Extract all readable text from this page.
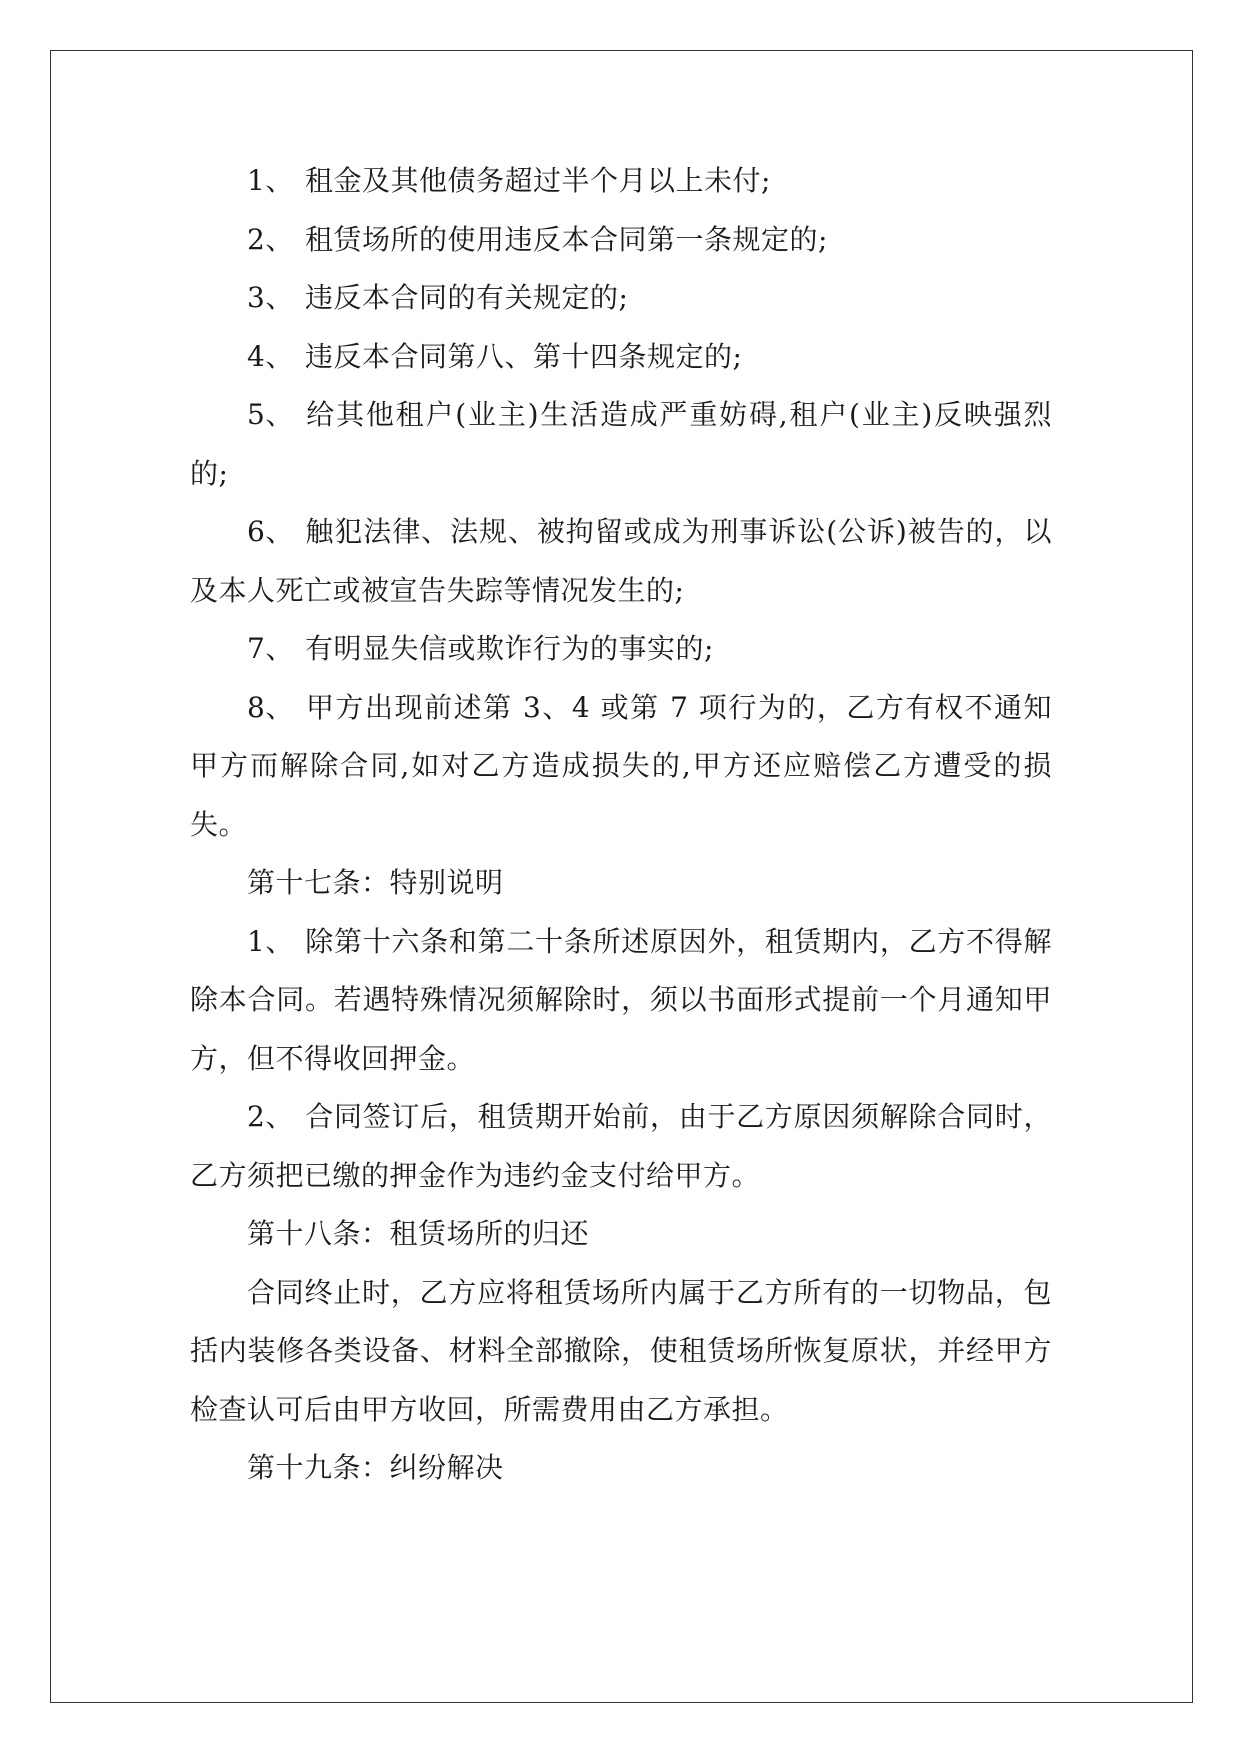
1、 租金及其他债务超过半个月以上未付;

2、 租赁场所的使用违反本合同第一条规定的;

3、 违反本合同的有关规定的;

4、 违反本合同第八、第十四条规定的;

5、 给其他租户(业主)生活造成严重妨碍,租户(业主)反映强烈的;

6、 触犯法律、法规、被拘留或成为刑事诉讼(公诉)被告的，以及本人死亡或被宣告失踪等情况发生的;

7、 有明显失信或欺诈行为的事实的;

8、 甲方出现前述第 3、4 或第 7 项行为的，乙方有权不通知甲方而解除合同,如对乙方造成损失的,甲方还应赔偿乙方遭受的损失。

第十七条：特别说明

1、 除第十六条和第二十条所述原因外，租赁期内，乙方不得解除本合同。若遇特殊情况须解除时，须以书面形式提前一个月通知甲方，但不得收回押金。

2、 合同签订后，租赁期开始前，由于乙方原因须解除合同时，乙方须把已缴的押金作为违约金支付给甲方。

第十八条：租赁场所的归还

合同终止时，乙方应将租赁场所内属于乙方所有的一切物品，包括内装修各类设备、材料全部撤除，使租赁场所恢复原状，并经甲方检查认可后由甲方收回，所需费用由乙方承担。

第十九条：纠纷解决
